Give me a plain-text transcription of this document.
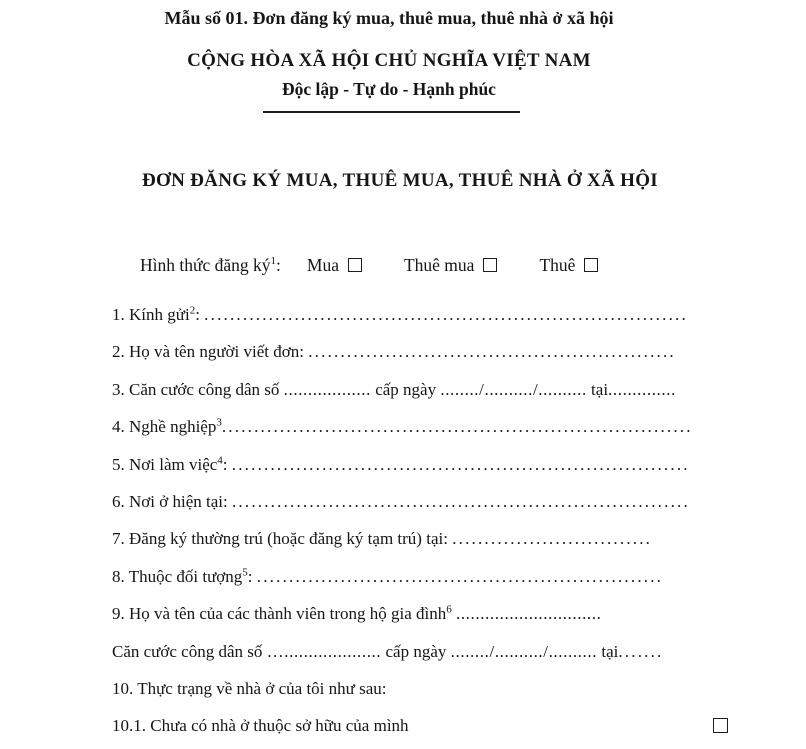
Mẫu số 01. Đơn đăng ký mua, thuê mua, thuê nhà ở xã hội

CỘNG HÒA XÃ HỘI CHỦ NGHĨA VIỆT NAM

Độc lập - Tự do - Hạnh phúc

ĐƠN ĐĂNG KÝ MUA, THUÊ MUA, THUÊ NHÀ Ở XÃ HỘI
Hình thức đăng $ký^1$: Mua	Thuê mua	Thuê

1. Kính gửi$^2$: ...........................................................................

2. Họ và tên người viết đơn: .........................................................

3. Căn cước công dân số .................. cấp ngày ......../........../.......... tại..............

4. Nghề nghiệp$^3$.........................................................................

5. Nơi làm việc$^4$: .......................................................................

6. Nơi ở hiện tại: .......................................................................

7. Đăng ký thường trú (hoặc đăng ký tạm trú) tại: ...............................

8. Thuộc đối tượng$^5$: ...............................................................

9. Họ và tên của các thành viên trong hộ gia đình$^6$ ..............................

Căn cước công dân số ….................... cấp ngày ......../........../.......... tại.......

10. Thực trạng về nhà ở của tôi như sau:

10.1. Chưa có nhà ở thuộc sở hữu của mình
